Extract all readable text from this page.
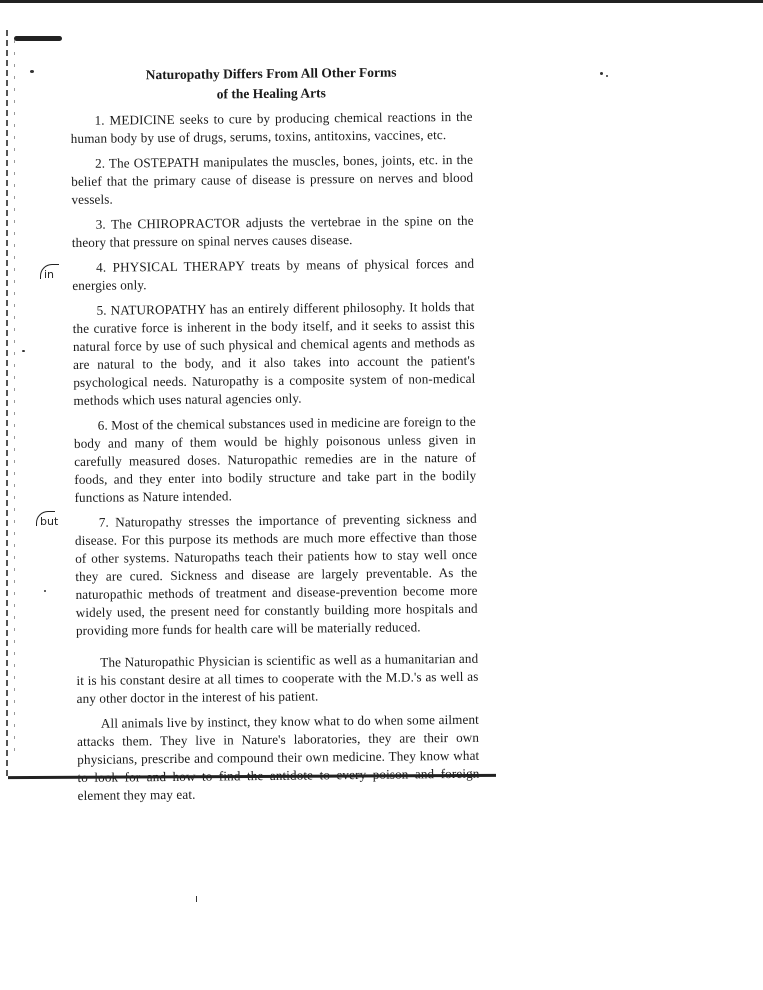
in
but
Naturopathy Differs From All Other Forms
of the Healing Arts

1. MEDICINE seeks to cure by producing chemical reactions in the human body by use of drugs, serums, toxins, antitoxins, vaccines, etc.

2. The OSTEPATH manipulates the muscles, bones, joints, etc. in the belief that the primary cause of disease is pressure on nerves and blood vessels.

3. The CHIROPRACTOR adjusts the vertebrae in the spine on the theory that pressure on spinal nerves causes disease.

4. PHYSICAL THERAPY treats by means of physical forces and energies only.

5. NATUROPATHY has an entirely different philosophy. It holds that the curative force is inherent in the body itself, and it seeks to assist this natural force by use of such physical and chemical agents and methods as are natural to the body, and it also takes into account the patient's psychological needs. Naturopathy is a composite system of non-medical methods which uses natural agencies only.

6. Most of the chemical substances used in medicine are foreign to the body and many of them would be highly poisonous unless given in carefully measured doses. Naturopathic remedies are in the nature of foods, and they enter into bodily structure and take part in the bodily functions as Nature intended.

7. Naturopathy stresses the importance of preventing sickness and disease. For this purpose its methods are much more effective than those of other systems. Naturopaths teach their patients how to stay well once they are cured. Sickness and disease are largely preventable. As the naturopathic methods of treatment and disease-prevention become more widely used, the present need for constantly building more hospitals and providing more funds for health care will be materially reduced.

The Naturopathic Physician is scientific as well as a humanitarian and it is his constant desire at all times to cooperate with the M.D.'s as well as any other doctor in the interest of his patient.

All animals live by instinct, they know what to do when some ailment attacks them. They live in Nature's laboratories, they are their own physicians, prescribe and compound their own medicine. They know what element they may eat.
